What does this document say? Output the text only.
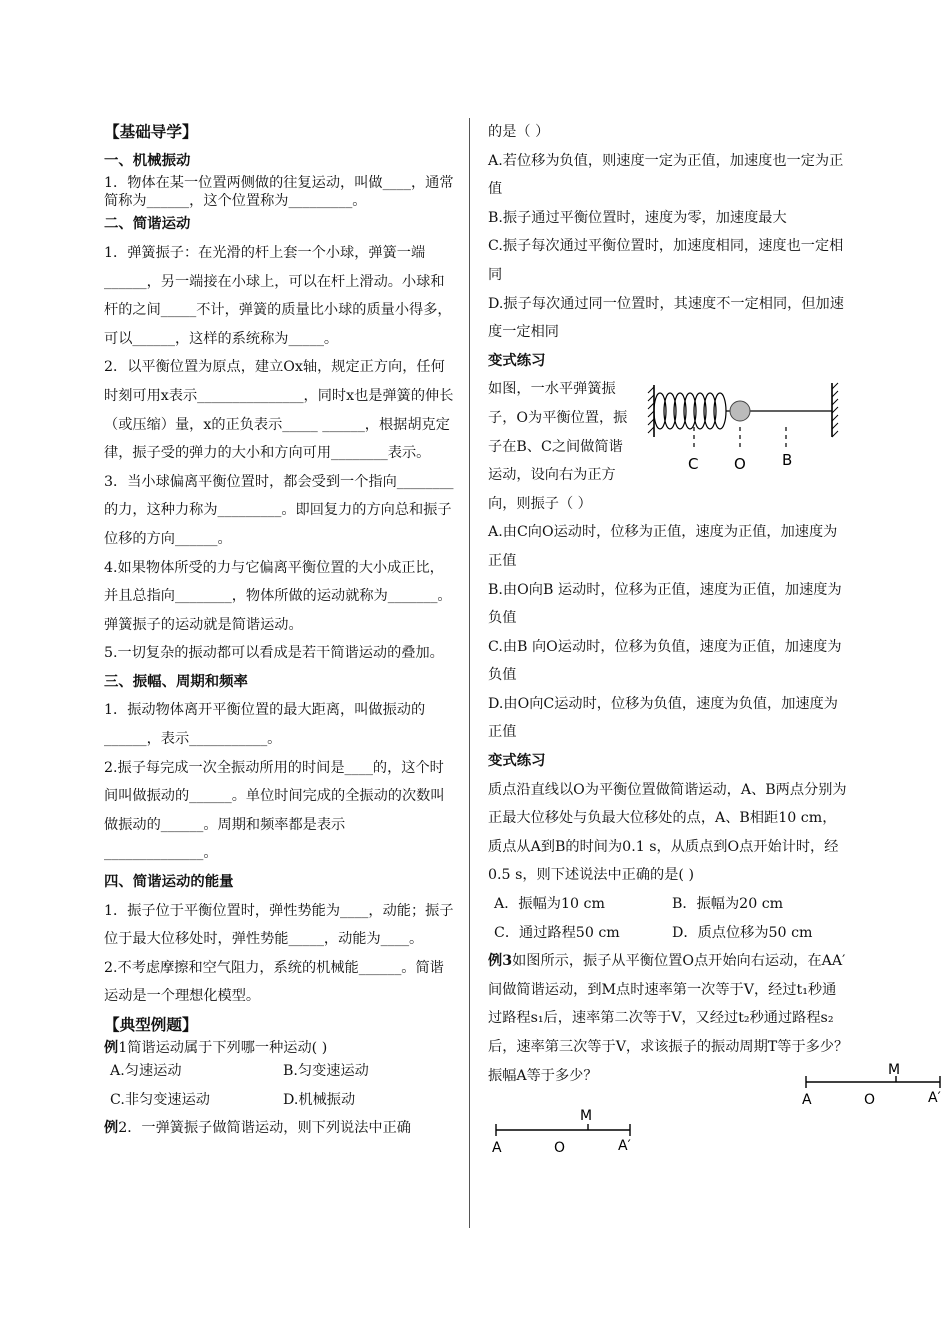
【基础导学】
一、机械振动

1．物体在某一位置两侧做的往复运动，叫做____，通常简称为______，这个位置称为_________。

二、简谐运动

1．弹簧振子：在光滑的杆上套一个小球，弹簧一端______，另一端接在小球上，可以在杆上滑动。小球和杆的之间_____不计，弹簧的质量比小球的质量小得多，可以______，这样的系统称为_____。

2．以平衡位置为原点，建立Ox轴，规定正方向，任何时刻可用x表示_______________，同时x也是弹簧的伸长（或压缩）量，x的正负表示_____ ______，根据胡克定律，振子受的弹力的大小和方向可用________表示。

3．当小球偏离平衡位置时，都会受到一个指向________的力，这种力称为_________。即回复力的方向总和振子位移的方向______。

4.如果物体所受的力与它偏离平衡位置的大小成正比，并且总指向________，物体所做的运动就称为_______。弹簧振子的运动就是简谐运动。

5.一切复杂的振动都可以看成是若干简谐运动的叠加。

三、振幅、周期和频率

1．振动物体离开平衡位置的最大距离，叫做振动的______，表示___________。

2.振子每完成一次全振动所用的时间是____的，这个时间叫做振动的______。单位时间完成的全振动的次数叫做振动的______。周期和频率都是表示______________。

四、简谐运动的能量

1．振子位于平衡位置时，弹性势能为____，动能；振子位于最大位移处时，弹性势能_____，动能为____。

2.不考虑摩擦和空气阻力，系统的机械能______。简谐运动是一个理想化模型。

【典型例题】

例1简谐运动属于下列哪一种运动( )

A.匀速运动	B.匀变速运动
C.非匀变速运动	D.机械振动

例2．一弹簧振子做简谐运动，则下列说法中正确

的是（ ）

A.若位移为负值，则速度一定为正值，加速度也一定为正值

B.振子通过平衡位置时，速度为零，加速度最大

C.振子每次通过平衡位置时，加速度相同，速度也一定相同

D.振子每次通过同一位置时，其速度不一定相同，但加速度一定相同

变式练习
C O B

如图，一水平弹簧振子，O为平衡位置，振子在B、C之间做简谐运动，设向右为正方向，则振子（ ）

A.由C向O运动时，位移为正值，速度为正值，加速度为正值

B.由O向B 运动时，位移为正值，速度为正值，加速度为负值

C.由B 向O运动时，位移为负值，速度为正值，加速度为负值

D.由O向C运动时，位移为负值，速度为负值，加速度为正值

变式练习

质点沿直线以O为平衡位置做简谐运动，A、B两点分别为正最大位移处与负最大位移处的点，A、B相距10 cm，质点从A到B的时间为0.1 s，从质点到O点开始计时，经0.5 s，则下述说法中正确的是( )

A．振幅为10 cm	B．振幅为20 cm
C．通过路程50 cm	D．质点位移为50 cm

例3如图所示，振子从平衡位置O点开始向右运动，在AA′间做简谐运动，到M点时速率第一次等于V，经过t₁秒通过路程s₁后，速率第二次等于V，又经过t₂秒通过路程s₂后，速率第三次等于V，求该振子的振动周期T等于多少？振幅A等于多少？

A	O
M
A′
A	O
M
A′
